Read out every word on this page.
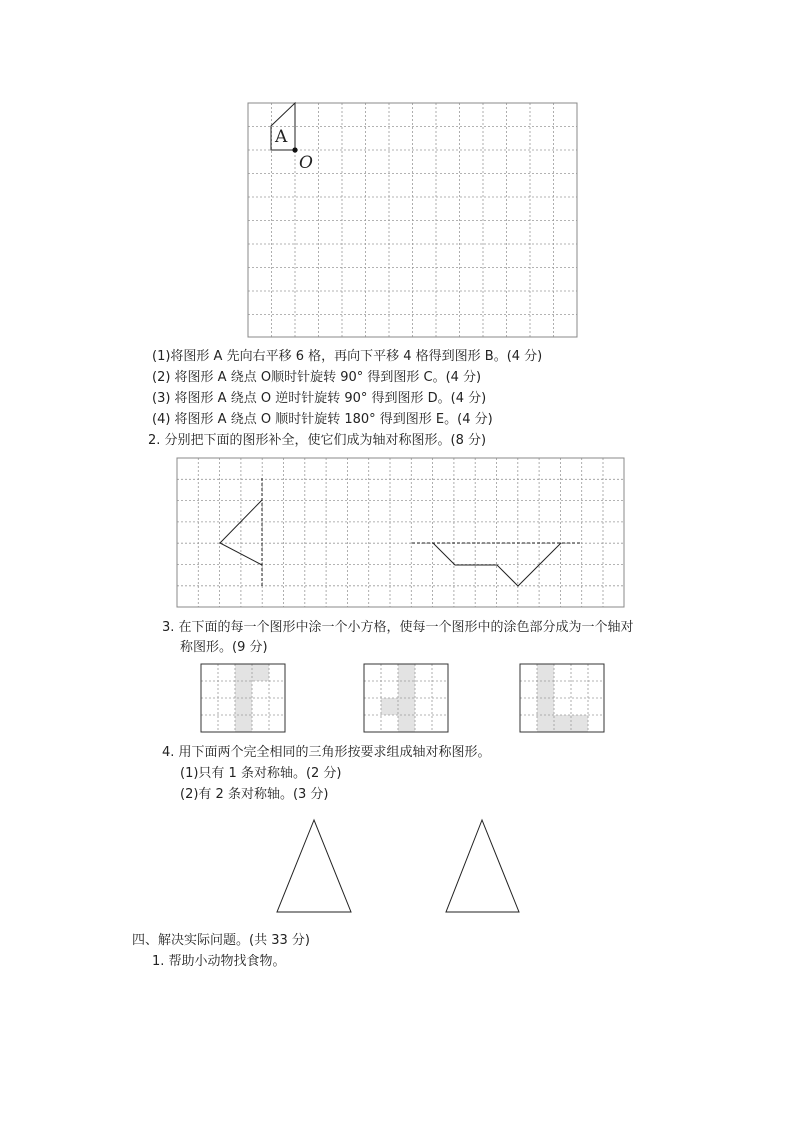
A
O
(1)将图形 A 先向右平移 6 格，再向下平移 4 格得到图形 B。(4 分)
(2) 将图形 A 绕点 O顺时针旋转 90° 得到图形 C。(4 分)
(3) 将图形 A 绕点 O 逆时针旋转 90° 得到图形 D。(4 分)
(4) 将图形 A 绕点 O 顺时针旋转 180° 得到图形 E。(4 分)
2. 分别把下面的图形补全，使它们成为轴对称图形。(8 分)
3. 在下面的每一个图形中涂一个小方格，使每一个图形中的涂色部分成为一个轴对
称图形。(9 分)
4. 用下面两个完全相同的三角形按要求组成轴对称图形。
(1)只有 1 条对称轴。(2 分)
(2)有 2 条对称轴。(3 分)
四、解决实际问题。(共 33 分)
1. 帮助小动物找食物。
